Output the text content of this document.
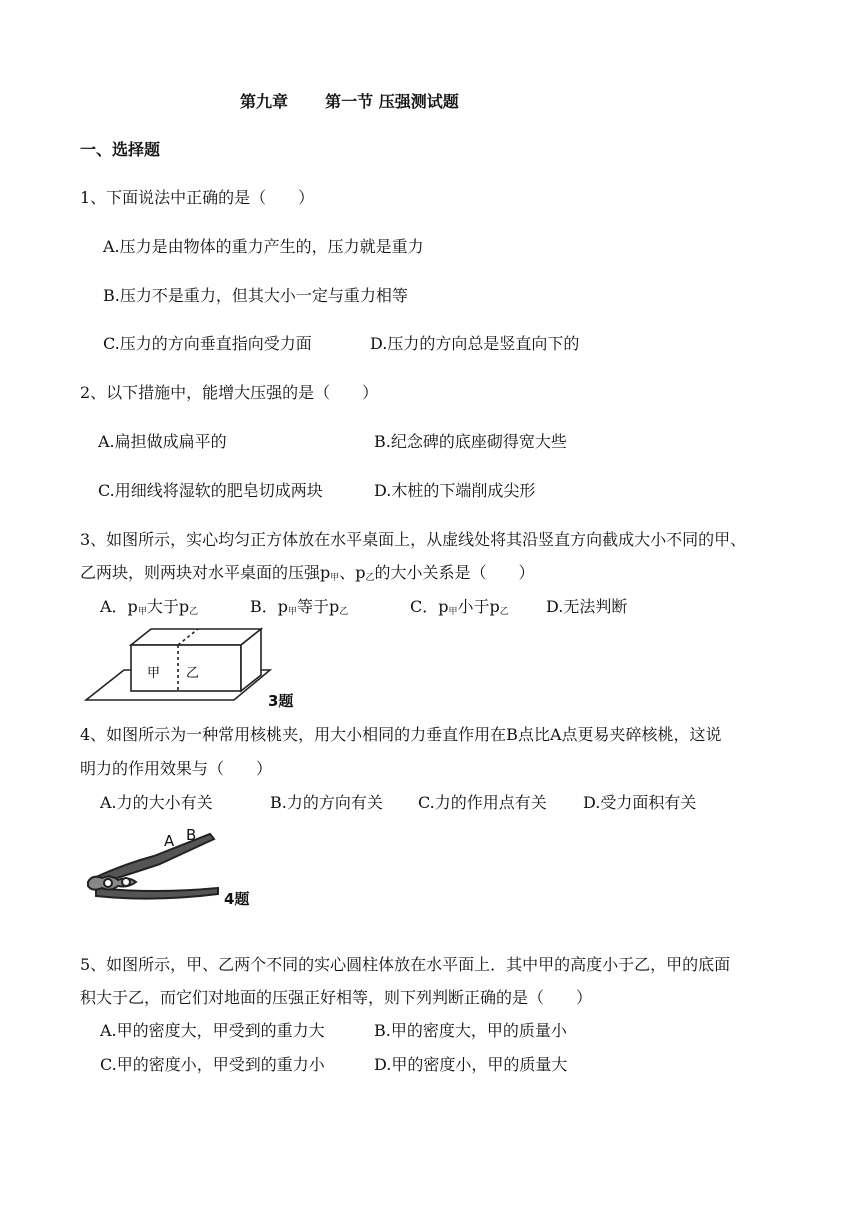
第九章 第一节 压强测试题
一、选择题
1、下面说法中正确的是（　　）
A.压力是由物体的重力产生的，压力就是重力
B.压力不是重力，但其大小一定与重力相等
C.压力的方向垂直指向受力面	D.压力的方向总是竖直向下的
2、以下措施中，能增大压强的是（　　）
A.扁担做成扁平的	B.纪念碑的底座砌得宽大些
C.用细线将湿软的肥皂切成两块	D.木桩的下端削成尖形
3、如图所示，实心均匀正方体放在水平桌面上，从虚线处将其沿竖直方向截成大小不同的甲、
乙两块，则两块对水平桌面的压强$p_甲$、$p_乙$的大小关系是（　　）
A．$p_甲$大于$p_乙$	B．$p_甲$等于$p_乙$	C．$p_甲$小于$p_乙$ D.无法判断
甲 乙
3题
4、如图所示为一种常用核桃夹，用大小相同的力垂直作用在B点比A点更易夹碎核桃，这说
明力的作用效果与（　　）
A.力的大小有关	B.力的方向有关 C.力的作用点有关 D.受力面积有关
A B
4题
5、如图所示，甲、乙两个不同的实心圆柱体放在水平面上．其中甲的高度小于乙，甲的底面
积大于乙，而它们对地面的压强正好相等，则下列判断正确的是（　　）
A.甲的密度大，甲受到的重力大	B.甲的密度大，甲的质量小
C.甲的密度小，甲受到的重力小	D.甲的密度小，甲的质量大
